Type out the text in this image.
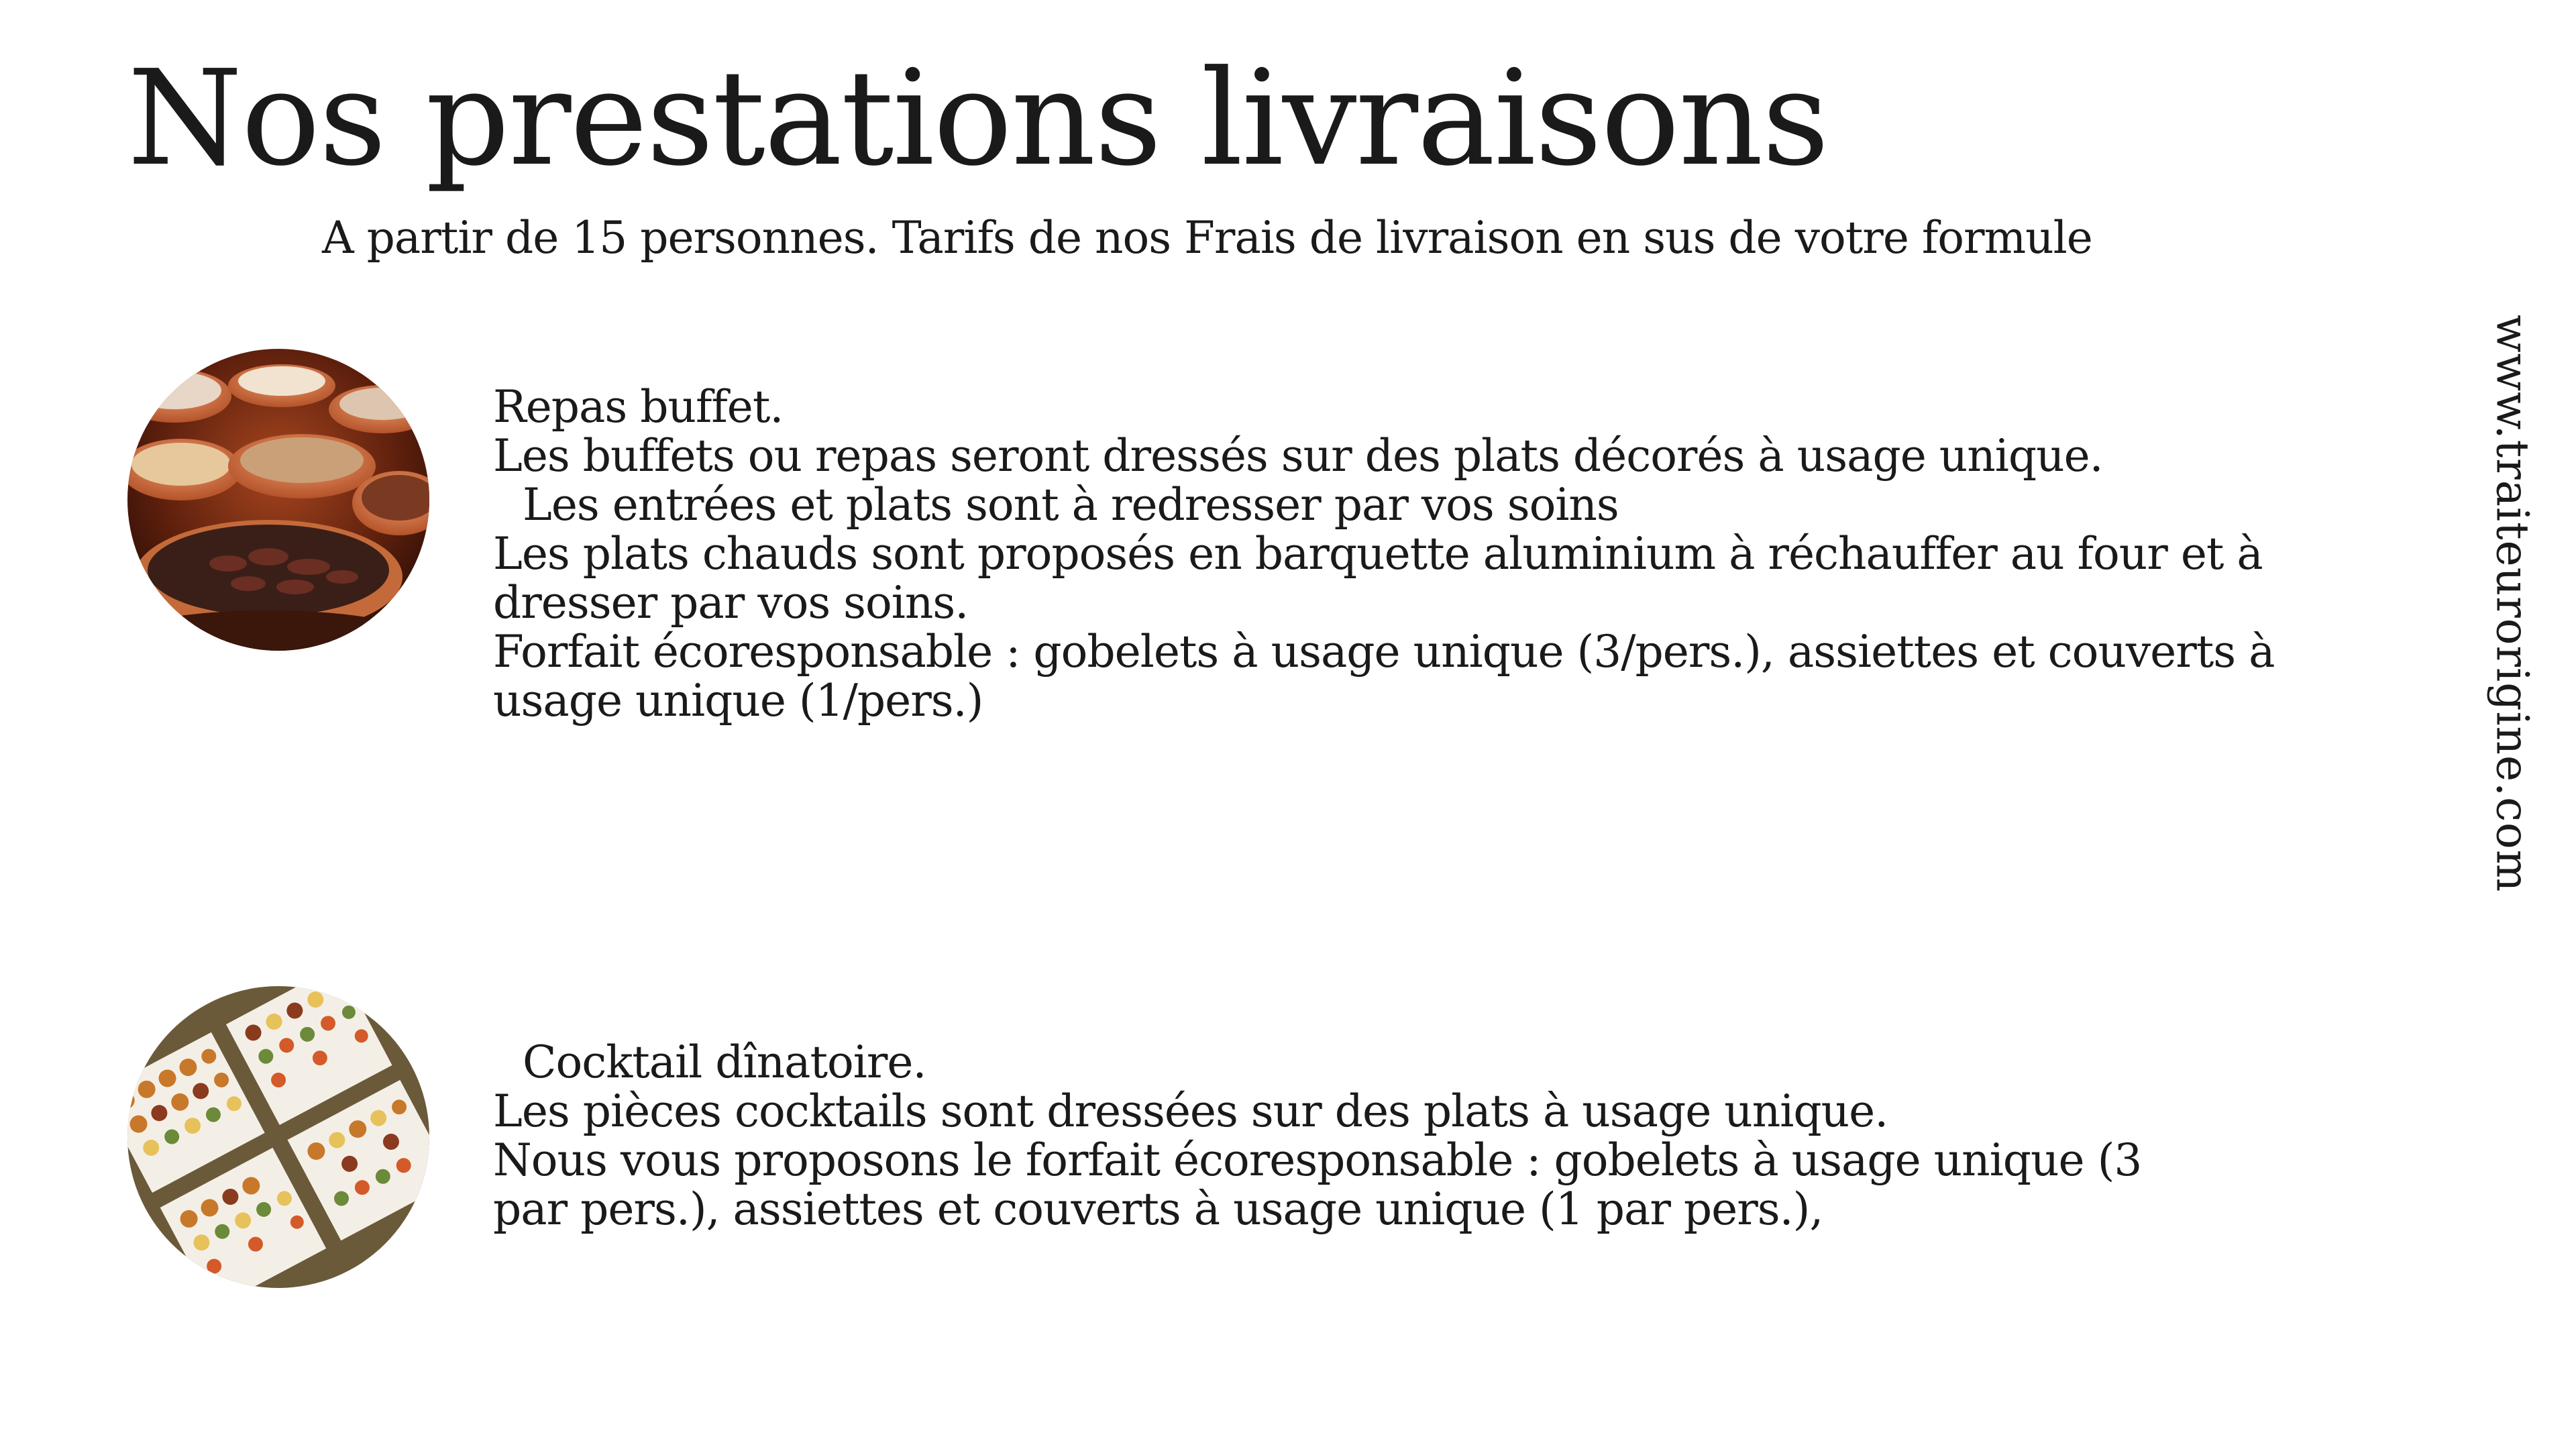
Nos prestations livraisons
A partir de 15 personnes. Tarifs de nos Frais de livraison en sus de votre formule
www.traiteurorigine.com

Repas buffet.

Les buffets ou repas seront dressés sur des plats décorés à usage unique.

Les entrées et plats sont à redresser par vos soins

Les plats chauds sont proposés en barquette aluminium à réchauffer au four et à dresser par vos soins.

Forfait écoresponsable : gobelets à usage unique (3/pers.), assiettes et couverts à usage unique (1/pers.)

Cocktail dînatoire.

Les pièces cocktails sont dressées sur des plats à usage unique.

Nous vous proposons le forfait écoresponsable : gobelets à usage unique (3 par pers.), assiettes et couverts à usage unique (1 par pers.),
